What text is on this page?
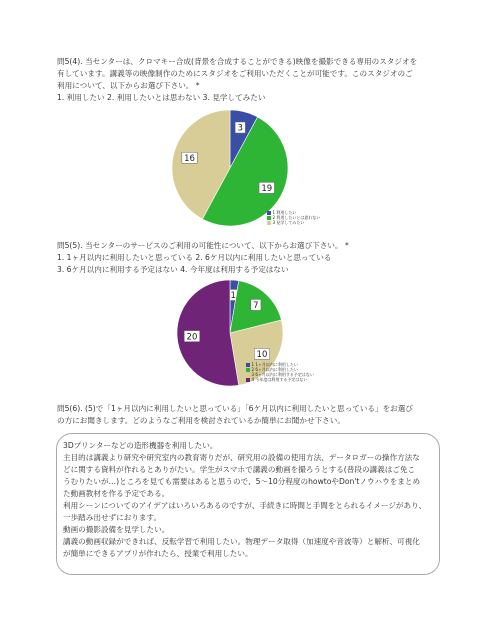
問5(4). 当センターは、クロマキー合成(背景を合成することができる)映像を撮影できる専用のスタジオを

有しています。講義等の映像制作のためにスタジオをご利用いただくことが可能です。このスタジオのご

利用について、以下からお選び下さい。 *

1. 利用したい 2. 利用したいとは思わない 3. 見学してみたい

3
19
16
1 利用したい
2 利用したいとは思わない
3 見学してみたい

問5(5). 当センターのサービスのご利用の可能性について、以下からお選び下さい。 *

1. 1ヶ月以内に利用したいと思っている 2. 6ケ月以内に利用したいと思っている

3. 6ケ月以内に利用する予定はない 4. 今年度は利用する予定はない

1
7
10
20
1 1ヶ月以内に利用したい
2 6ヶ月以内に利用したい
3 6ヶ月以内に利用する予定はない
4 今年度は利用する予定はない

問5(6). (5)で「1ヶ月以内に利用したいと思っている」「6ケ月以内に利用したいと思っている」をお選び

の方にお聞きします。どのようなご利用を検討されているか簡単にお聞かせ下さい。

3Dプリンターなどの造形機器を利用したい。

主目的は講義より研究や研究室内の教育寄りだが、研究用の設備の使用方法、データロガーの操作方法な

どに関する資料が作れるとありがたい。学生がスマホで講義の動画を撮ろうとする(普段の講義はご免こ

うむりたいが…)ところを見ても需要はあると思うので、5～10分程度のhowtoやDon'tノウハウをまとめ

た動画教材を作る予定である。

利用シーンについてのアイデアはいろいろあるのですが、手続きに時間と手間をとられるイメージがあり、

一歩踏み出せずにおります。

動画の撮影設備を見学したい。

講義の動画収録ができれば、反転学習で利用したい。物理データ取得（加速度や音波等）と解析、可視化

が簡単にできるアプリが作れたら、授業で利用したい。
